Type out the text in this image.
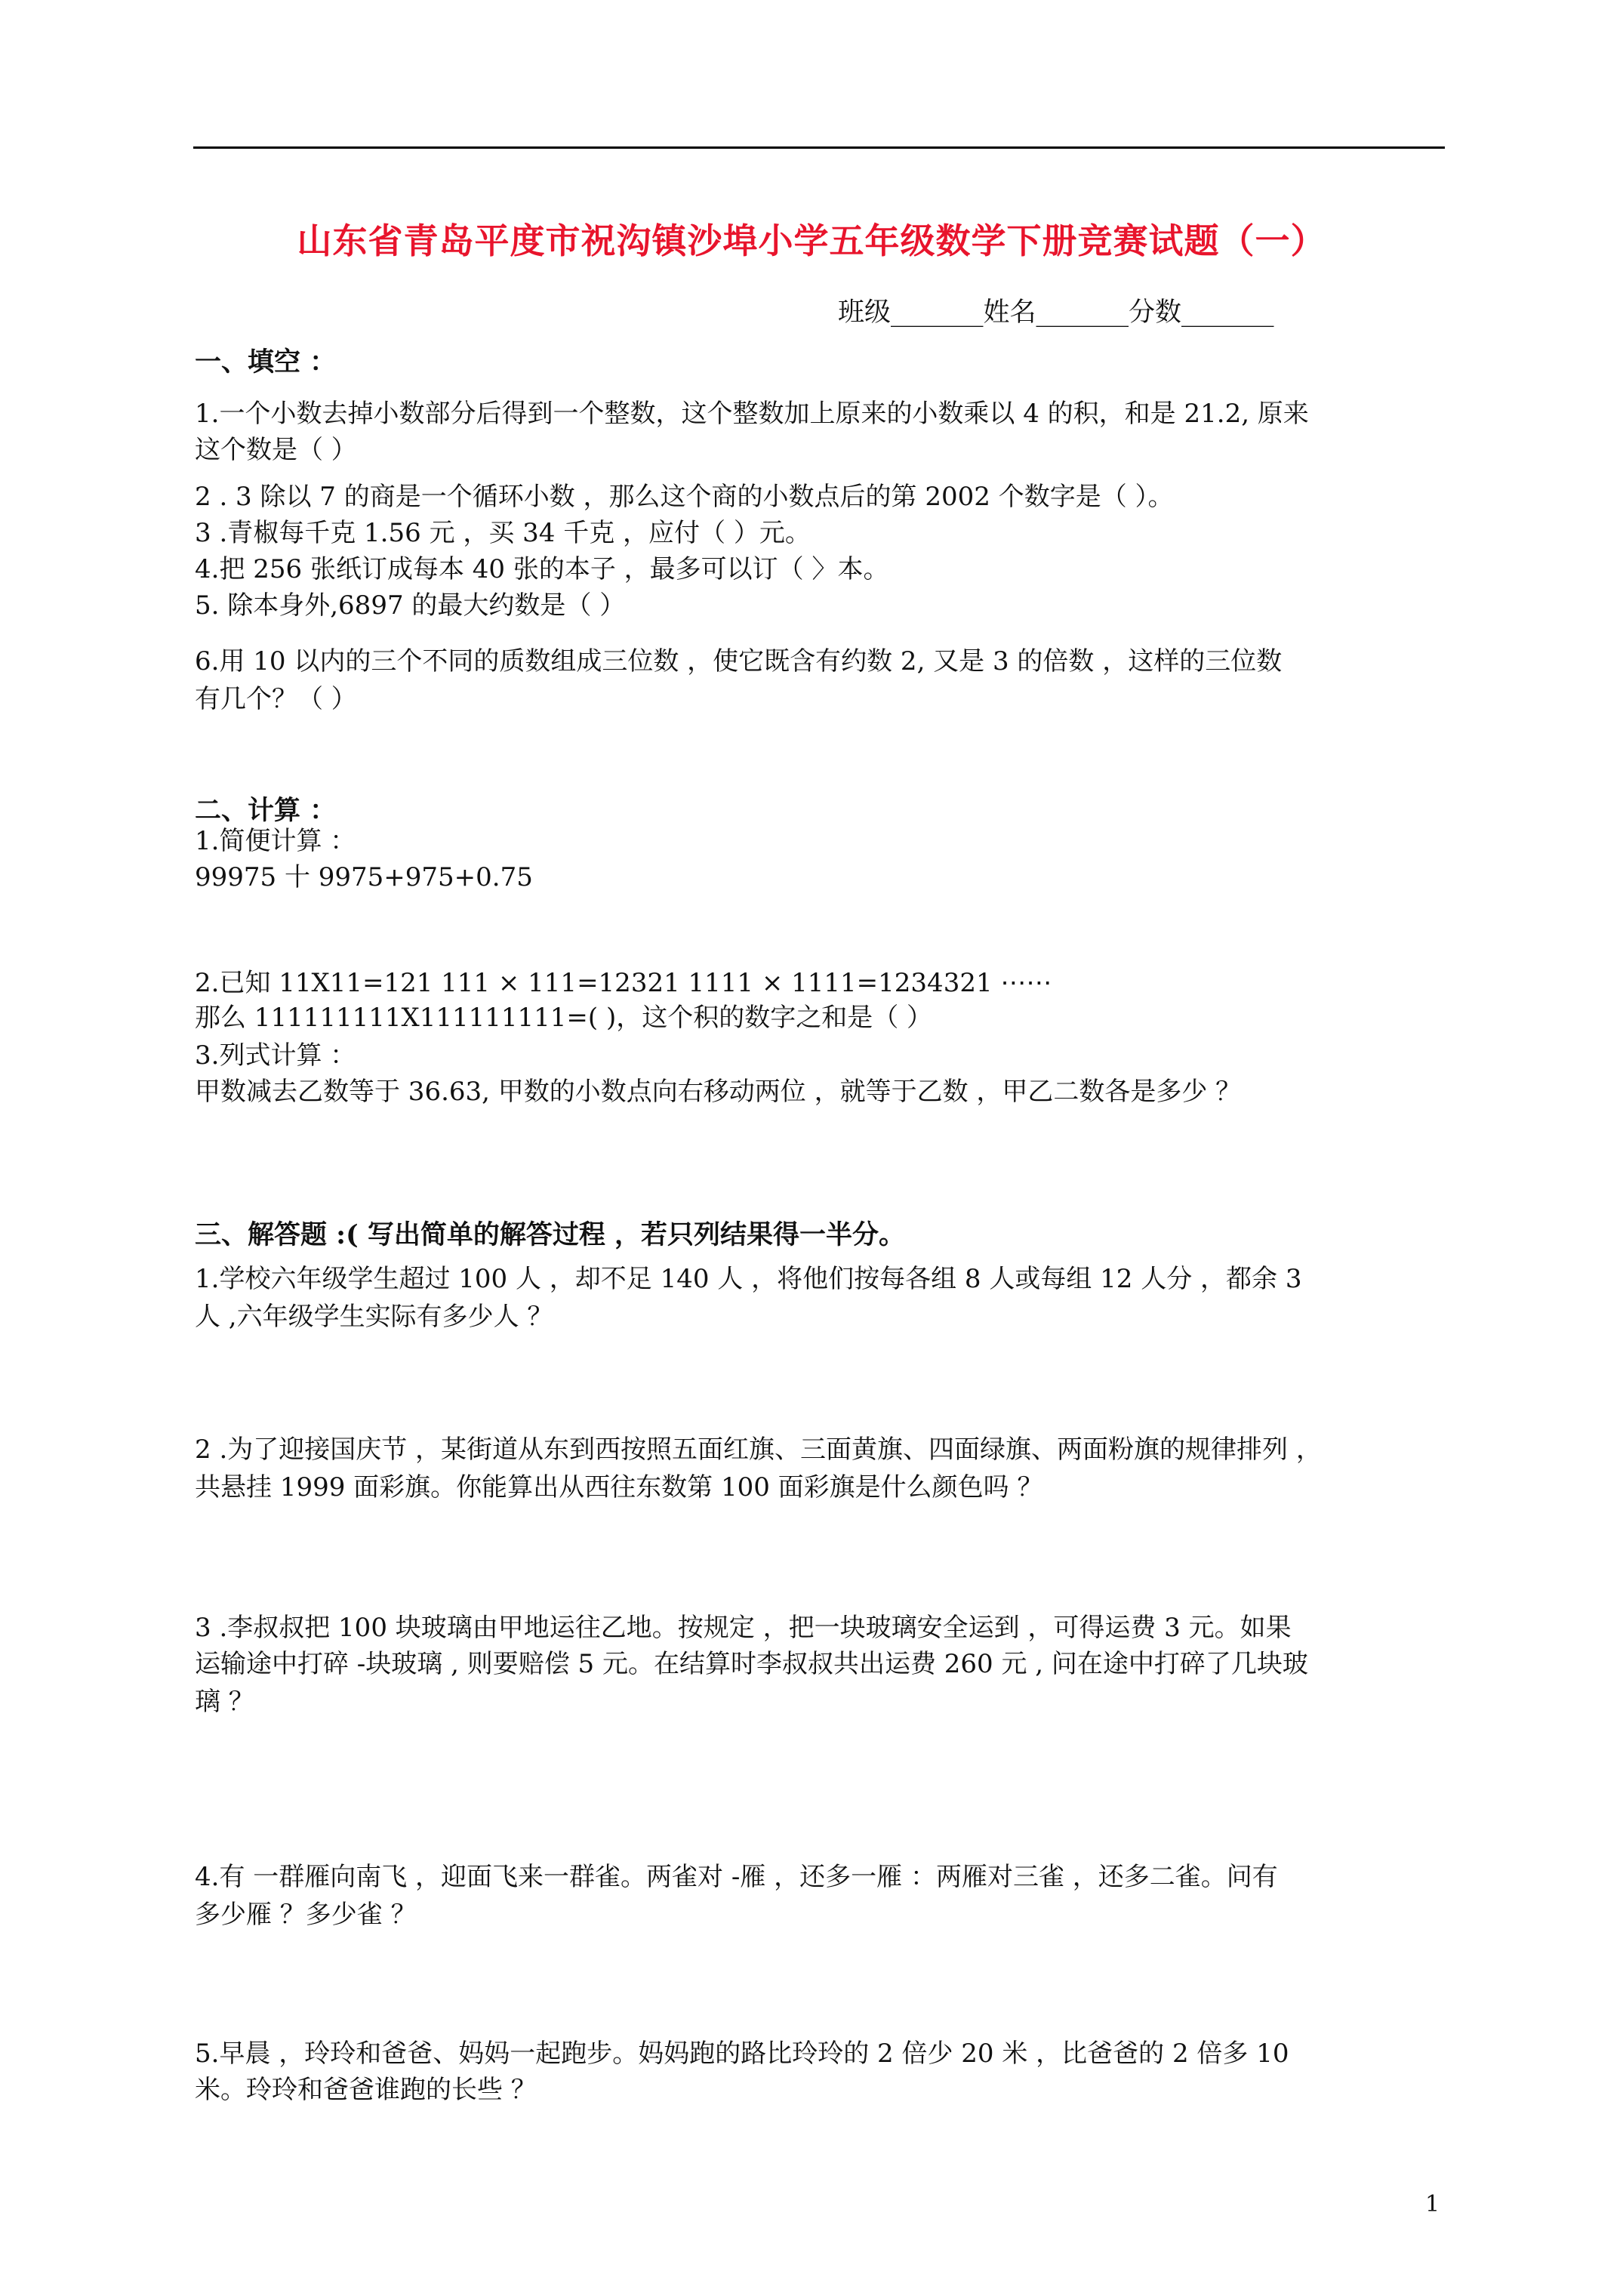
山东省青岛平度市祝沟镇沙埠小学五年级数学下册竞赛试题（一）
班级_______姓名_______分数_______
一、填空 ：
1.一个小数去掉小数部分后得到一个整数，这个整数加上原来的小数乘以 4 的积，和是 21.2, 原来
这个数是（ ）
2 . 3 除以 7 的商是一个循环小数 ，那么这个商的小数点后的第 2002 个数字是（ ）。
3 .青椒每千克 1.56 元 ，买 34 千克 ，应付（ ）元。
4.把 256 张纸订成每本 40 张的本子 ，最多可以订（ 〉本。
5. 除本身外,6897 的最大约数是（ ）
6.用 10 以内的三个不同的质数组成三位数 ，使它既含有约数 2, 又是 3 的倍数 ，这样的三位数
有几个？（ ）
二、计算 ：
1.简便计算 ：
99975 十 9975+975+0.75
2.已知 11X11=121 111 × 111=12321 1111 × 1111=1234321 ⋯⋯
那么 111111111X111111111=( )，这个积的数字之和是（ ）
3.列式计算 ：
甲数减去乙数等于 36.63, 甲数的小数点向右移动两位 ，就等于乙数 ，甲乙二数各是多少 ？
三、解答题 :( 写出简单的解答过程 ，若只列结果得一半分。
1.学校六年级学生超过 100 人 ，却不足 140 人 ，将他们按每各组 8 人或每组 12 人分 ，都余 3
人 ,六年级学生实际有多少人 ？
2 .为了迎接国庆节 ，某街道从东到西按照五面红旗、三面黄旗、四面绿旗、两面粉旗的规律排列 ，
共悬挂 1999 面彩旗。你能算出从西往东数第 100 面彩旗是什么颜色吗 ？
3 .李叔叔把 100 块玻璃由甲地运往乙地。按规定 ，把一块玻璃安全运到 ，可得运费 3 元。如果
运输途中打碎 -块玻璃 , 则要赔偿 5 元。在结算时李叔叔共出运费 260 元 , 问在途中打碎了几块玻
璃 ？
4.有 一群雁向南飞 ，迎面飞来一群雀。两雀对 -雁 ，还多一雁 ：两雁对三雀 ，还多二雀。问有
多少雁 ？多少雀 ？
5.早晨 ，玲玲和爸爸、妈妈一起跑步。妈妈跑的路比玲玲的 2 倍少 20 米 ，比爸爸的 2 倍多 10
米。玲玲和爸爸谁跑的长些 ？
1
